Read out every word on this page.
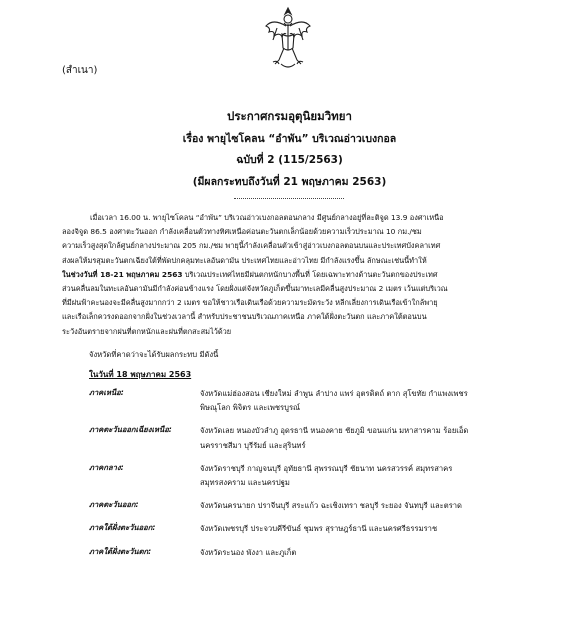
(สำเนา)
ประกาศกรมอุตุนิยมวิทยา
เรื่อง พายุไซโคลน “อำพัน” บริเวณอ่าวเบงกอล
ฉบับที่ 2 (115/2563)
(มีผลกระทบถึงวันที่ 21 พฤษภาคม 2563)
เมื่อเวลา 16.00 น. พายุไซโคลน “อำพัน” บริเวณอ่าวเบงกอลตอนกลาง มีศูนย์กลางอยู่ที่ละติจูด 13.9 องศาเหนือ
ลองจิจูด 86.5 องศาตะวันออก กำลังเคลื่อนตัวทางทิศเหนือค่อนตะวันตกเล็กน้อยด้วยความเร็วประมาณ 10 กม./ชม
ความเร็วสูงสุดใกล้ศูนย์กลางประมาณ 205 กม./ชม พายุนี้กำลังเคลื่อนตัวเข้าสู่อ่าวเบงกอลตอนบนและประเทศบังคลาเทศ
ส่งผลให้มรสุมตะวันตกเฉียงใต้ที่พัดปกคลุมทะเลอันดามัน ประเทศไทยและอ่าวไทย มีกำลังแรงขึ้น ลักษณะเช่นนี้ทำให้
ในช่วงวันที่ 18-21 พฤษภาคม 2563 บริเวณประเทศไทยมีฝนตกหนักบางพื้นที่ โดยเฉพาะทางด้านตะวันตกของประเทศ
ส่วนคลื่นลมในทะเลอันดามันมีกำลังค่อนข้างแรง โดยฝั่งแต่จังหวัดภูเก็ตขึ้นมาทะเลมีคลื่นสูงประมาณ 2 เมตร เว้นแต่บริเวณ
ที่มีฝนฟ้าคะนองจะมีคลื่นสูงมากกว่า 2 เมตร ขอให้ชาวเรือเดินเรือด้วยความระมัดระวัง หลีกเลี่ยงการเดินเรือเข้าใกล้พายุ
และเรือเล็กควรงดออกจากฝั่งในช่วงเวลานี้ สำหรับประชาชนบริเวณภาคเหนือ ภาคใต้ฝั่งตะวันตก และภาคใต้ตอนบน
ระวังอันตรายจากฝนที่ตกหนักและฝนที่ตกสะสมไว้ด้วย
จังหวัดที่คาดว่าจะได้รับผลกระทบ มีดังนี้
ในวันที่ 18 พฤษภาคม 2563
ภาคเหนือ:	จังหวัดแม่ฮ่องสอน เชียงใหม่ ลำพูน ลำปาง แพร่ อุตรดิตถ์ ตาก สุโขทัย กำแพงเพชร
พิษณุโลก พิจิตร และเพชรบูรณ์

ภาคตะวันออกเฉียงเหนือ:	จังหวัดเลย หนองบัวลำภู อุดรธานี หนองคาย ชัยภูมิ ขอนแก่น มหาสารคาม ร้อยเอ็ด
นครราชสีมา บุรีรัมย์ และสุรินทร์

ภาคกลาง:	จังหวัดราชบุรี กาญจนบุรี อุทัยธานี สุพรรณบุรี ชัยนาท นครสวรรค์ สมุทรสาคร
สมุทรสงคราม และนครปฐม

ภาคตะวันออก:	จังหวัดนครนายก ปราจีนบุรี สระแก้ว ฉะเชิงเทรา ชลบุรี ระยอง จันทบุรี และตราด

ภาคใต้ฝั่งตะวันออก:	จังหวัดเพชรบุรี ประจวบคีรีขันธ์ ชุมพร สุราษฎร์ธานี และนครศรีธรรมราช

ภาคใต้ฝั่งตะวันตก:	จังหวัดระนอง พังงา และภูเก็ต
